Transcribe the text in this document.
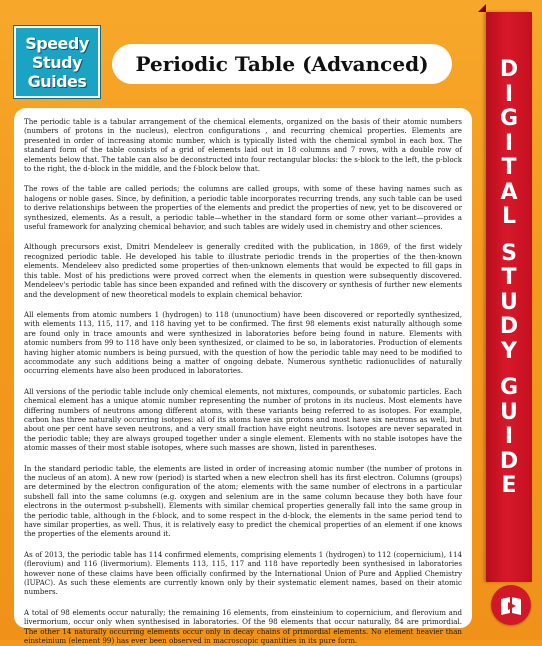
Speedy
Study
Guides
Periodic Table (Advanced)

The periodic table is a tabular arrangement of the chemical elements, organized on the basis of their atomic numbers (numbers of protons in the nucleus), electron configurations , and recurring chemical properties. Elements are presented in order of increasing atomic number, which is typically listed with the chemical symbol in each box. The standard form of the table consists of a grid of elements laid out in 18 columns and 7 rows, with a double row of elements below that. The table can also be deconstructed into four rectangular blocks: the s-block to the left, the p-block to the right, the d-block in the middle, and the f-block below that.

The rows of the table are called periods; the columns are called groups, with some of these having names such as halogens or noble gases. Since, by definition, a periodic table incorporates recurring trends, any such table can be used to derive relationships between the properties of the elements and predict the properties of new, yet to be discovered or synthesized, elements. As a result, a periodic table—whether in the standard form or some other variant—provides a useful framework for analyzing chemical behavior, and such tables are widely used in chemistry and other sciences.

Although precursors exist, Dmitri Mendeleev is generally credited with the publication, in 1869, of the first widely recognized periodic table. He developed his table to illustrate periodic trends in the properties of the then-known elements. Mendeleev also predicted some properties of then-unknown elements that would be expected to fill gaps in this table. Most of his predictions were proved correct when the elements in question were subsequently discovered. Mendeleev's periodic table has since been expanded and refined with the discovery or synthesis of further new elements and the development of new theoretical models to explain chemical behavior.

All elements from atomic numbers 1 (hydrogen) to 118 (ununoctium) have been discovered or reportedly synthesized, with elements 113, 115, 117, and 118 having yet to be confirmed. The first 98 elements exist naturally although some are found only in trace amounts and were synthesized in laboratories before being found in nature. Elements with atomic numbers from 99 to 118 have only been synthesized, or claimed to be so, in laboratories. Production of elements having higher atomic numbers is being pursued, with the question of how the periodic table may need to be modified to accommodate any such additions being a matter of ongoing debate. Numerous synthetic radionuclides of naturally occurring elements have also been produced in laboratories.

All versions of the periodic table include only chemical elements, not mixtures, compounds, or subatomic particles. Each chemical element has a unique atomic number representing the number of protons in its nucleus. Most elements have differing numbers of neutrons among different atoms, with these variants being referred to as isotopes. For example, carbon has three naturally occurring isotopes: all of its atoms have six protons and most have six neutrons as well, but about one per cent have seven neutrons, and a very small fraction have eight neutrons. Isotopes are never separated in the periodic table; they are always grouped together under a single element. Elements with no stable isotopes have the atomic masses of their most stable isotopes, where such masses are shown, listed in parentheses.

In the standard periodic table, the elements are listed in order of increasing atomic number (the number of protons in the nucleus of an atom). A new row (period) is started when a new electron shell has its first electron. Columns (groups) are determined by the electron configuration of the atom; elements with the same number of electrons in a particular subshell fall into the same columns (e.g. oxygen and selenium are in the same column because they both have four electrons in the outermost p-subshell). Elements with similar chemical properties generally fall into the same group in the periodic table, although in the f-block, and to some respect in the d-block, the elements in the same period tend to have similar properties, as well. Thus, it is relatively easy to predict the chemical properties of an element if one knows the properties of the elements around it.

As of 2013, the periodic table has 114 confirmed elements, comprising elements 1 (hydrogen) to 112 (copernicium), 114 (flerovium) and 116 (livermorium). Elements 113, 115, 117 and 118 have reportedly been synthesised in laboratories however none of these claims have been officially confirmed by the International Union of Pure and Applied Chemistry (IUPAC). As such these elements are currently known only by their systematic element names, based on their atomic numbers.

A total of 98 elements occur naturally; the remaining 16 elements, from einsteinium to copernicium, and flerovium and livermorium, occur only when synthesised in laboratories. Of the 98 elements that occur naturally, 84 are primordial. The other 14 naturally occurring elements occur only in decay chains of primordial elements. No element heavier than einsteinium (element 99) has ever been observed in macroscopic quantities in its pure form.

D
I
G
I
T
A
L
S
T
U
D
Y
G
U
I
D
E
